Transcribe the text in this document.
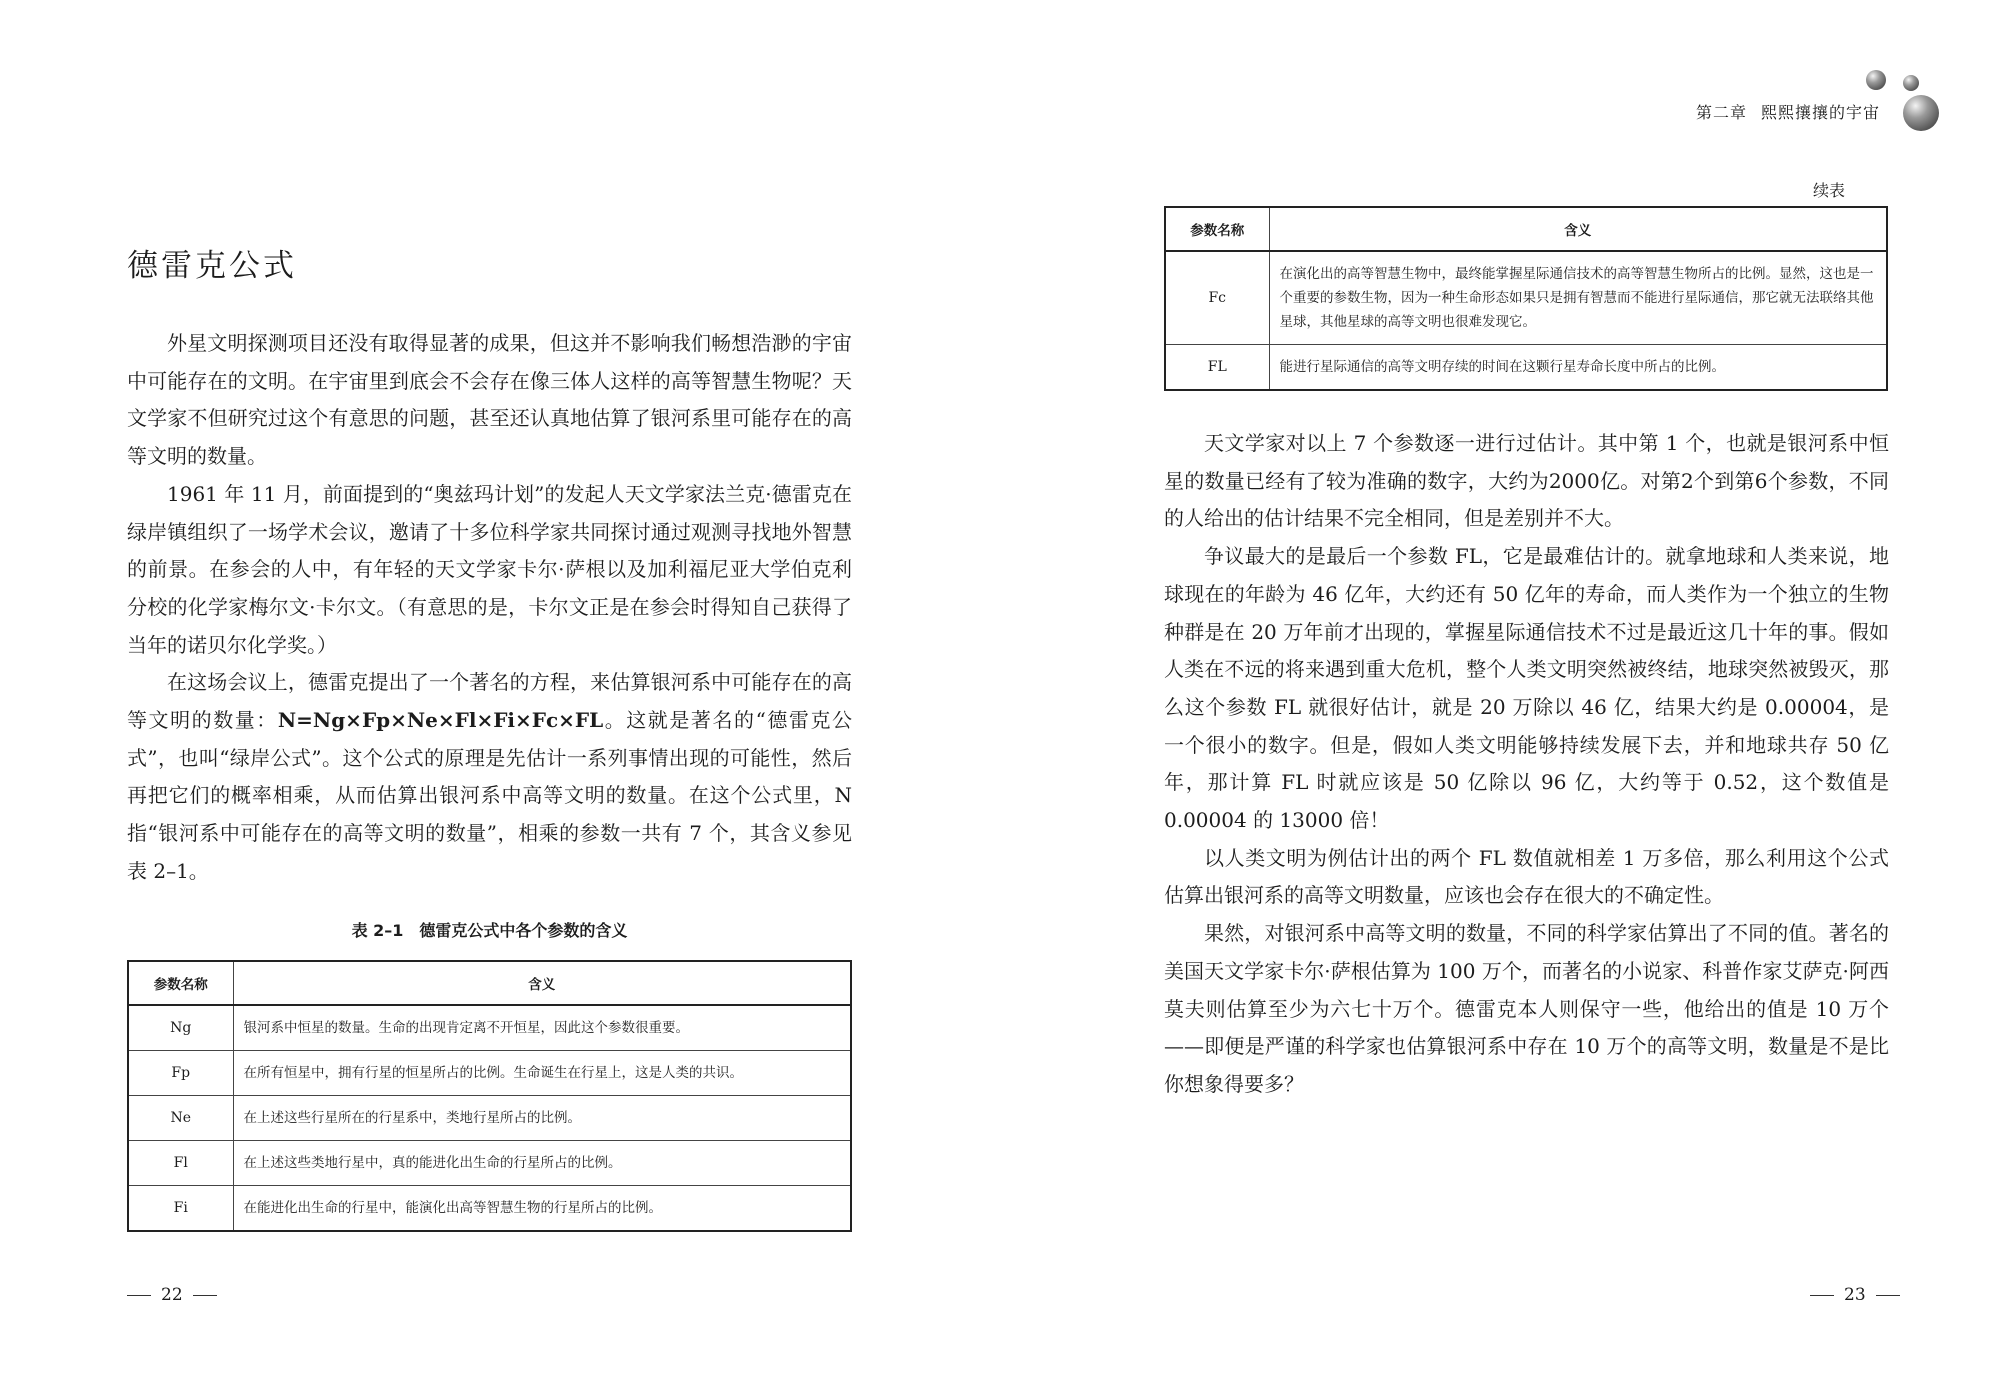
德雷克公式

外星文明探测项目还没有取得显著的成果，但这并不影响我们畅想浩渺的宇宙中可能存在的文明。在宇宙里到底会不会存在像三体人这样的高等智慧生物呢？天文学家不但研究过这个有意思的问题，甚至还认真地估算了银河系里可能存在的高等文明的数量。

1961 年 11 月，前面提到的“奥兹玛计划”的发起人天文学家法兰克·德雷克在绿岸镇组织了一场学术会议，邀请了十多位科学家共同探讨通过观测寻找地外智慧的前景。在参会的人中，有年轻的天文学家卡尔·萨根以及加利福尼亚大学伯克利分校的化学家梅尔文·卡尔文。（有意思的是，卡尔文正是在参会时得知自己获得了当年的诺贝尔化学奖。）

在这场会议上，德雷克提出了一个著名的方程，来估算银河系中可能存在的高等文明的数量：N=Ng×Fp×Ne×Fl×Fi×Fc×FL。这就是著名的“德雷克公式”，也叫“绿岸公式”。这个公式的原理是先估计一系列事情出现的可能性，然后再把它们的概率相乘，从而估算出银河系中高等文明的数量。在这个公式里，N 指“银河系中可能存在的高等文明的数量”，相乘的参数一共有 7 个，其含义参见表 2–1。

表 2–1　德雷克公式中各个参数的含义
参数名称	含义
Ng	银河系中恒星的数量。生命的出现肯定离不开恒星，因此这个参数很重要。
Fp	在所有恒星中，拥有行星的恒星所占的比例。生命诞生在行星上，这是人类的共识。
Ne	在上述这些行星所在的行星系中，类地行星所占的比例。
Fl	在上述这些类地行星中，真的能进化出生命的行星所占的比例。
Fi	在能进化出生命的行星中，能演化出高等智慧生物的行星所占的比例。
22
第二章 熙熙攘攘的宇宙
续表
参数名称	含义
Fc	在演化出的高等智慧生物中，最终能掌握星际通信技术的高等智慧生物所占的比例。显然，这也是一个重要的参数生物，因为一种生命形态如果只是拥有智慧而不能进行星际通信，那它就无法联络其他星球，其他星球的高等文明也很难发现它。
FL	能进行星际通信的高等文明存续的时间在这颗行星寿命长度中所占的比例。

天文学家对以上 7 个参数逐一进行过估计。其中第 1 个，也就是银河系中恒星的数量已经有了较为准确的数字，大约为2000亿。对第2个到第6个参数，不同的人给出的估计结果不完全相同，但是差别并不大。

争议最大的是最后一个参数 FL，它是最难估计的。就拿地球和人类来说，地球现在的年龄为 46 亿年，大约还有 50 亿年的寿命，而人类作为一个独立的生物种群是在 20 万年前才出现的，掌握星际通信技术不过是最近这几十年的事。假如人类在不远的将来遇到重大危机，整个人类文明突然被终结，地球突然被毁灭，那么这个参数 FL 就很好估计，就是 20 万除以 46 亿，结果大约是 0.00004，是一个很小的数字。但是，假如人类文明能够持续发展下去，并和地球共存 50 亿年，那计算 FL 时就应该是 50 亿除以 96 亿，大约等于 0.52，这个数值是 0.00004 的 13000 倍！

以人类文明为例估计出的两个 FL 数值就相差 1 万多倍，那么利用这个公式估算出银河系的高等文明数量，应该也会存在很大的不确定性。

果然，对银河系中高等文明的数量，不同的科学家估算出了不同的值。著名的美国天文学家卡尔·萨根估算为 100 万个，而著名的小说家、科普作家艾萨克·阿西莫夫则估算至少为六七十万个。德雷克本人则保守一些，他给出的值是 10 万个——即便是严谨的科学家也估算银河系中存在 10 万个的高等文明，数量是不是比你想象得要多？

23
